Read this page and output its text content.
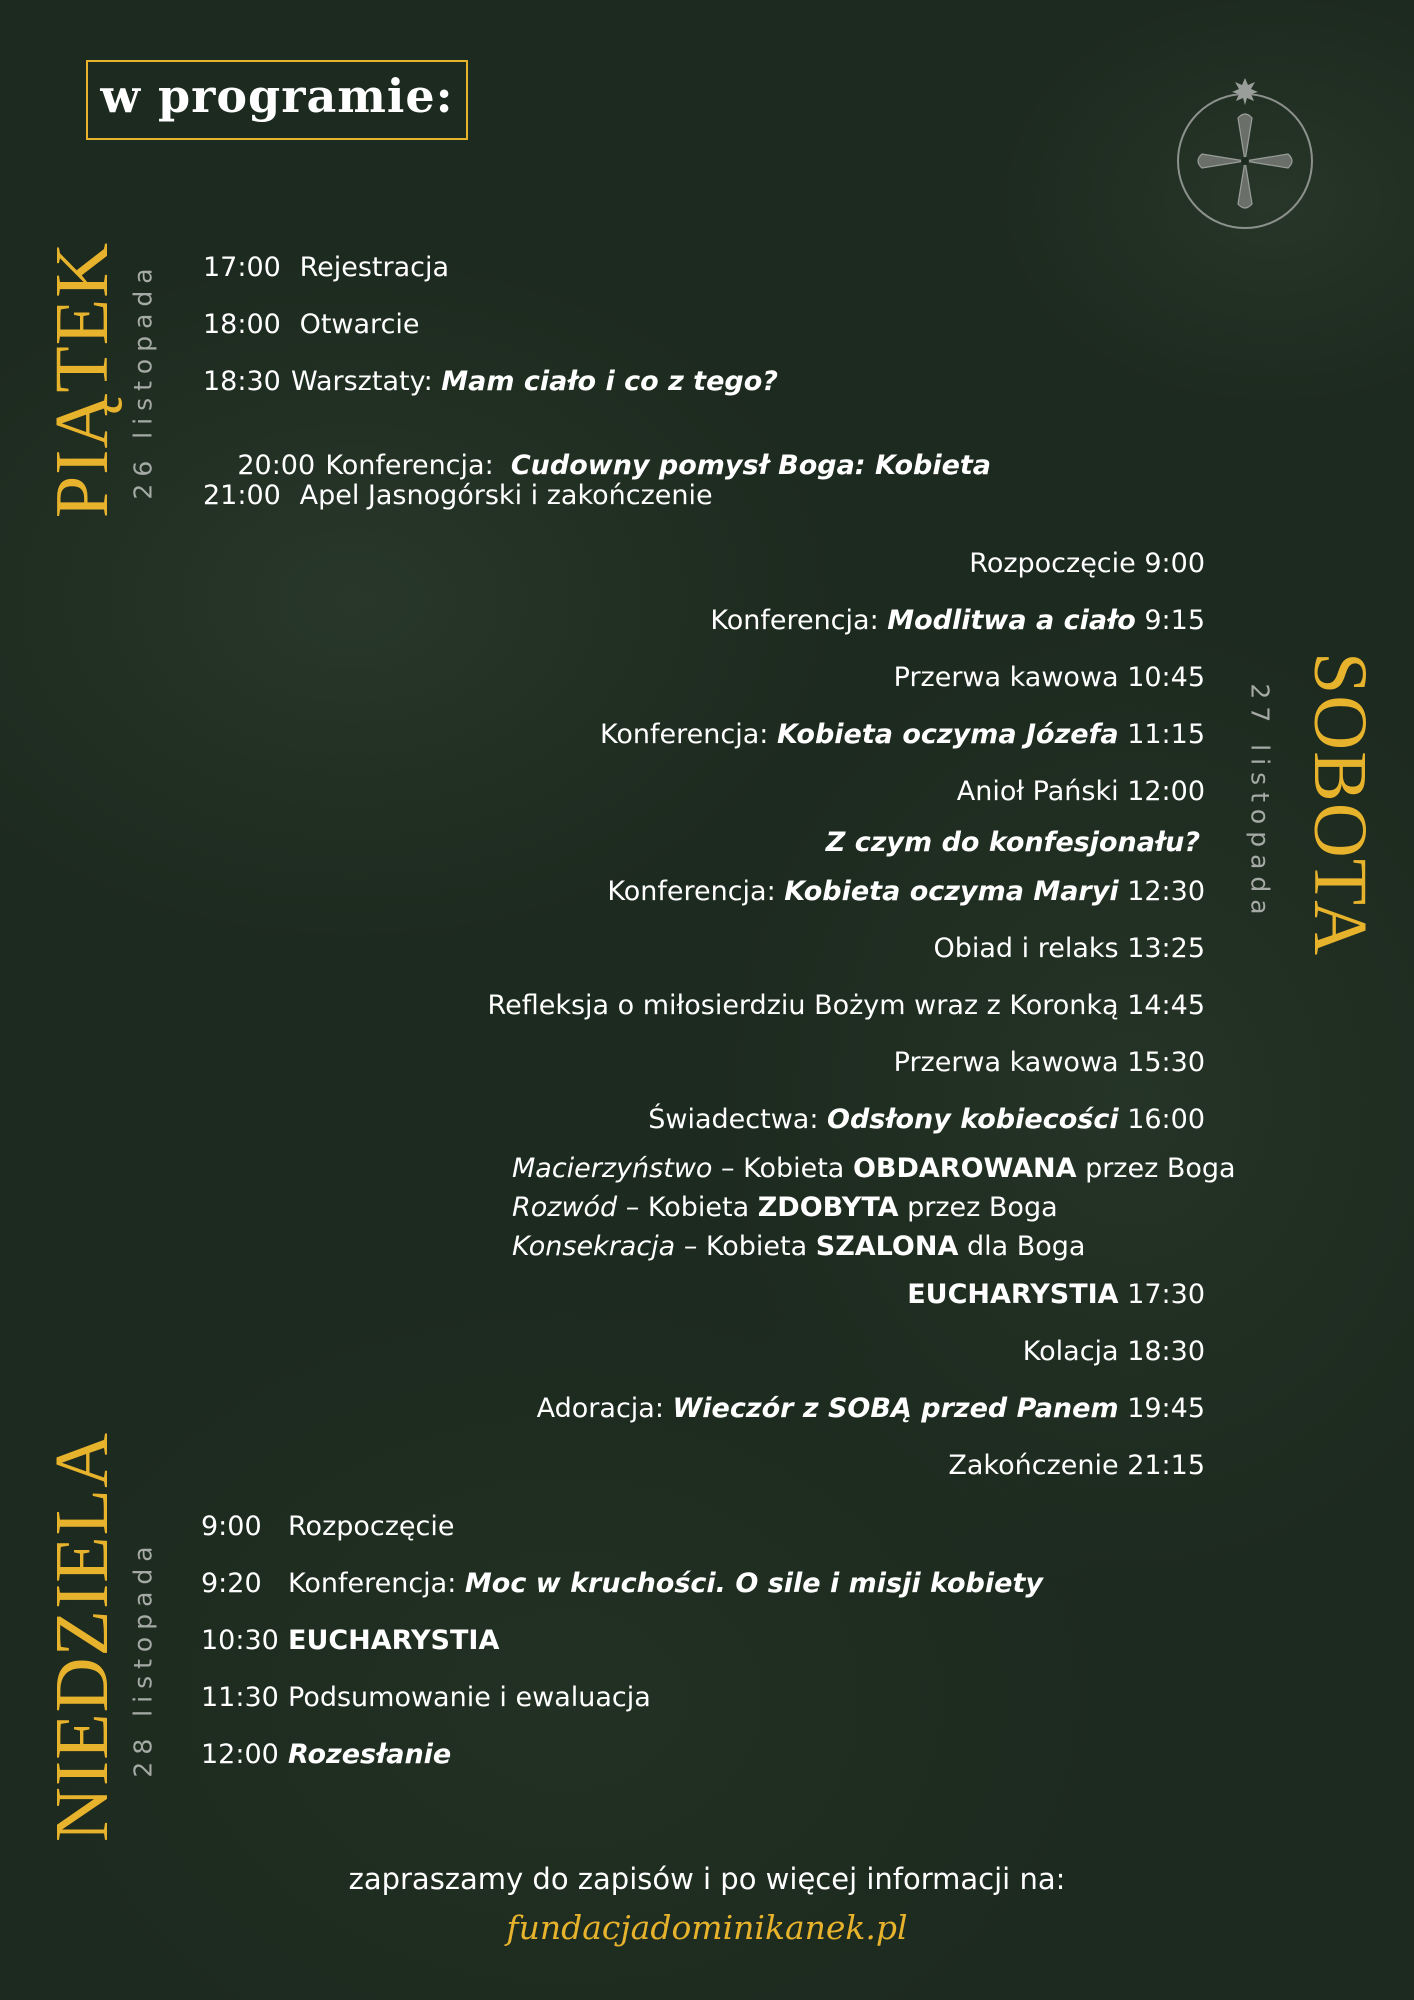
w programie:
PIĄTEK 26 listopada 17:00 Rejestracja
18:00 Otwarcie
18:30 Warsztaty: Mam ciało i co z tego?

20:00 Konferencja:  Cudowny pomysł Boga: Kobieta

21:00 Apel Jasnogórski i zakończenie
SOBOTA
27 listopada
Rozpoczęcie 9:00
Konferencja: Modlitwa a ciało 9:15
Przerwa kawowa 10:45
Konferencja: Kobieta oczyma Józefa 11:15
Anioł Pański 12:00
Z czym do konfesjonału?
Konferencja: Kobieta oczyma Maryi 12:30
Obiad i relaks 13:25
Refleksja o miłosierdziu Bożym wraz z Koronką 14:45
Przerwa kawowa 15:30
Świadectwa: Odsłony kobiecości 16:00
Macierzyństwo – Kobieta OBDAROWANA przez Boga
Rozwód – Kobieta ZDOBYTA przez Boga
Konsekracja – Kobieta SZALONA dla Boga
EUCHARYSTIA 17:30
Kolacja 18:30
Adoracja: Wieczór z SOBĄ przed Panem 19:45
Zakończenie 21:15
NIEDZIELA 28 listopada
9:00 Rozpoczęcie
9:20 Konferencja: Moc w kruchości. O sile i misji kobiety
10:30 EUCHARYSTIA
11:30 Podsumowanie i ewaluacja
12:00 Rozesłanie
zapraszamy do zapisów i po więcej informacji na:
fundacjadominikanek.pl
